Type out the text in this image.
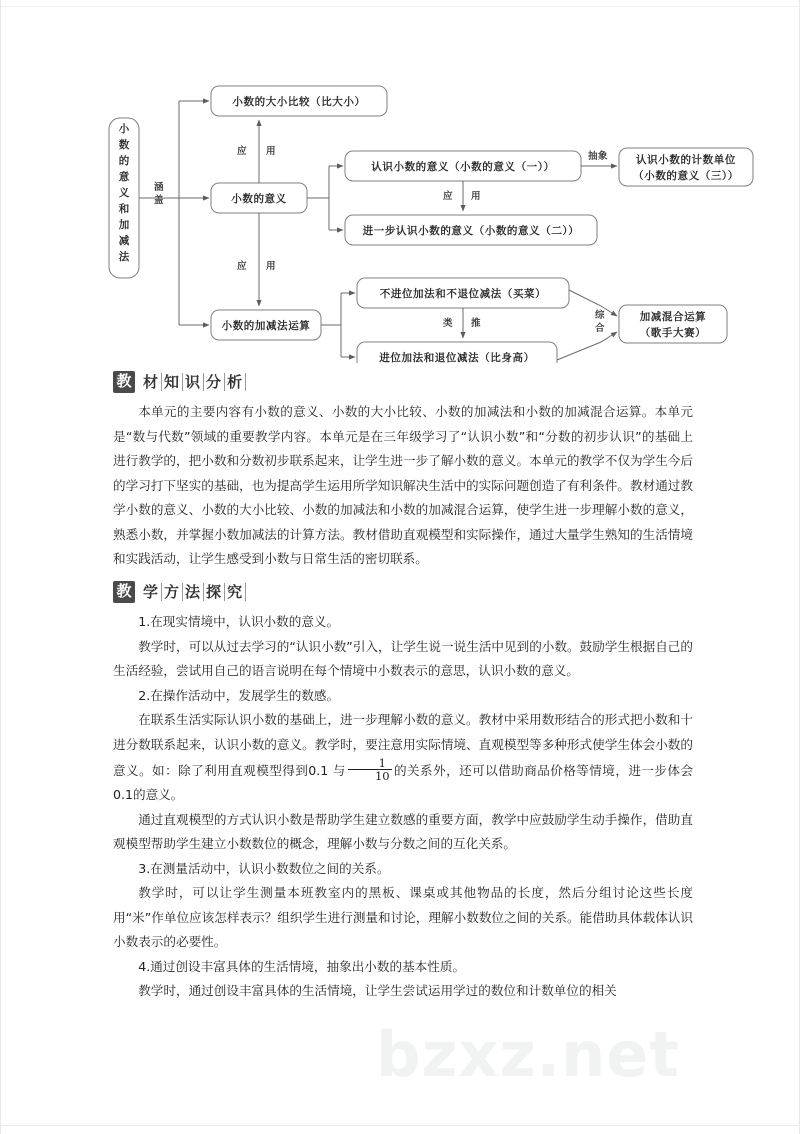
bzxz.net
小数的意义和加减法
涵盖
小数的大小比较（比大小）
小数的意义
小数的加减法运算
应 用
应 用
认识小数的意义（小数的意义（一））
进一步认识小数的意义（小数的意义（二））
应 用
抽象	认识小数的计数单位
（小数的意义（三））
不进位加法和不退位减法（买菜）
进位加法和退位减法（比身高）
类 推
综合
加减混合运算
（歌手大赛）
教 材 知 识 分 析

本单元的主要内容有小数的意义、小数的大小比较、小数的加减法和小数的加减混合运算。本单元是“数与代数”领域的重要教学内容。本单元是在三年级学习了“认识小数”和“分数的初步认识”的基础上进行教学的，把小数和分数初步联系起来，让学生进一步了解小数的意义。本单元的教学不仅为学生今后的学习打下坚实的基础，也为提高学生运用所学知识解决生活中的实际问题创造了有利条件。教材通过教学小数的意义、小数的大小比较、小数的加减法和小数的加减混合运算，使学生进一步理解小数的意义，熟悉小数，并掌握小数加减法的计算方法。教材借助直观模型和实际操作，通过大量学生熟知的生活情境和实践活动，让学生感受到小数与日常生活的密切联系。

教 学 方 法 探 究

1.在现实情境中，认识小数的意义。

教学时，可以从过去学习的“认识小数”引入，让学生说一说生活中见到的小数。鼓励学生根据自己的生活经验，尝试用自己的语言说明在每个情境中小数表示的意思，认识小数的意义。

2.在操作活动中，发展学生的数感。

在联系生活实际认识小数的基础上，进一步理解小数的意义。教材中采用数形结合的形式把小数和十进分数联系起来，认识小数的意义。教学时，要注意用实际情境、直观模型等多种形式使学生体会小数的意义。如：除了利用直观模型得到0.1 与 $\frac{1}{10}$ 的关系外，还可以借助商品价格等情境，进一步体会0.1的意义。

通过直观模型的方式认识小数是帮助学生建立数感的重要方面，教学中应鼓励学生动手操作，借助直观模型帮助学生建立小数数位的概念，理解小数与分数之间的互化关系。

3.在测量活动中，认识小数数位之间的关系。

教学时，可以让学生测量本班教室内的黑板、课桌或其他物品的长度，然后分组讨论这些长度用“米”作单位应该怎样表示？组织学生进行测量和讨论，理解小数数位之间的关系。能借助具体载体认识小数表示的必要性。

4.通过创设丰富具体的生活情境，抽象出小数的基本性质。

教学时，通过创设丰富具体的生活情境，让学生尝试运用学过的数位和计数单位的相关
